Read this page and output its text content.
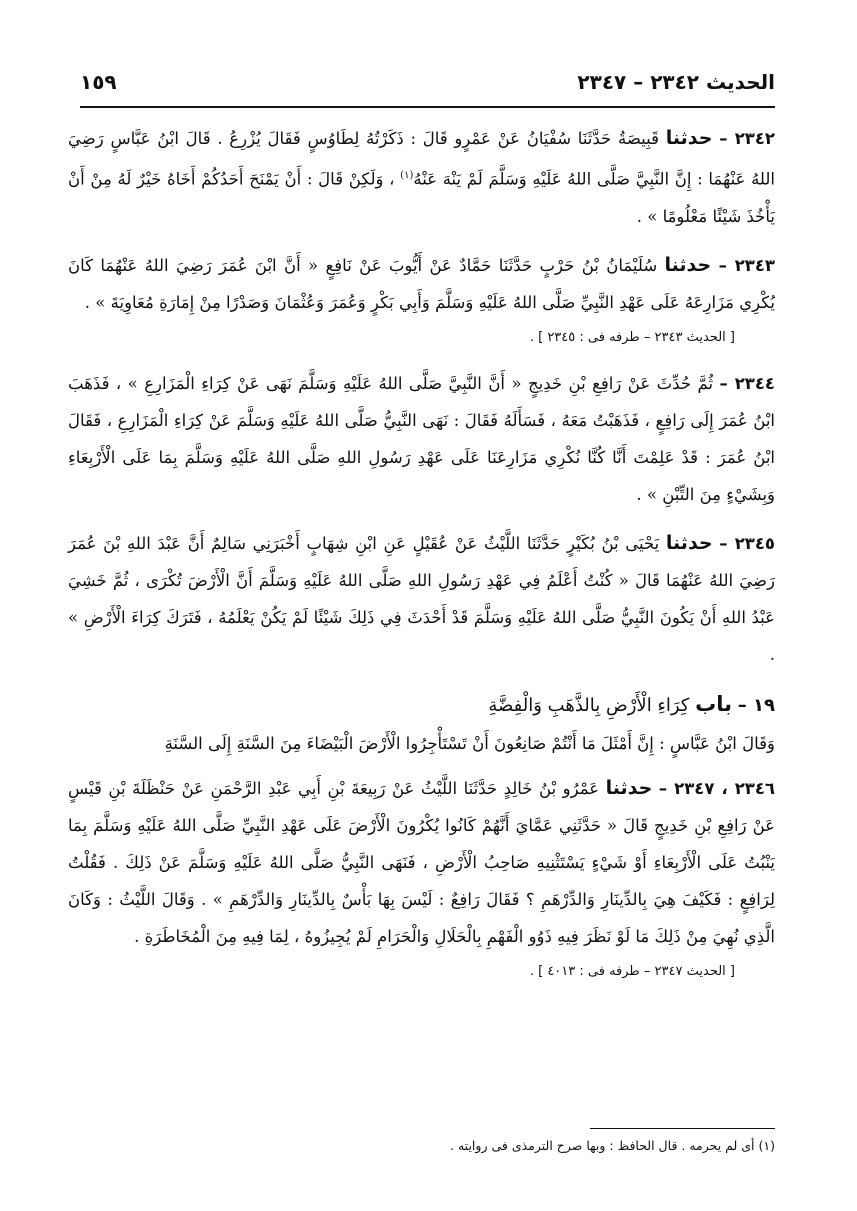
الحديث ٢٣٤٢ – ٢٣٤٧
١٥٩

٢٣٤٢ – حدثنا قَبِيصَةُ حَدَّثَنَا سُفْيَانُ عَنْ عَمْرٍو قَالَ : ذَكَرْتُهُ لِطَاوُسٍ فَقَالَ يُزْرِعُ . قَالَ ابْنُ عَبَّاسٍ رَضِيَ اللهُ عَنْهُمَا : إِنَّ النَّبِيَّ صَلَّى اللهُ عَلَيْهِ وَسَلَّمَ لَمْ يَنْهَ عَنْهُ$^{(١)}$ ، وَلَكِنْ قَالَ : أَنْ يَمْنَحَ أَحَدُكُمْ أَخَاهُ خَيْرٌ لَهُ مِنْ أَنْ يَأْخُذَ شَيْئًا مَعْلُومًا » .

٢٣٤٣ – حدثنا سُلَيْمَانُ بْنُ حَرْبٍ حَدَّثَنَا حَمَّادٌ عَنْ أَيُّوبَ عَنْ نَافِعٍ « أَنَّ ابْنَ عُمَرَ رَضِيَ اللهُ عَنْهُمَا كَانَ يُكْرِي مَزَارِعَهُ عَلَى عَهْدِ النَّبِيِّ صَلَّى اللهُ عَلَيْهِ وَسَلَّمَ وَأَبِي بَكْرٍ وَعُمَرَ وَعُثْمَانَ وَصَدْرًا مِنْ إِمَارَةِ مُعَاوِيَةَ » .

[ الحديث ٢٣٤٣ – طرفه فى : ٢٣٤٥ ] .

٢٣٤٤ – ثُمَّ حُدِّثَ عَنْ رَافِعِ بْنِ خَدِيجٍ « أَنَّ النَّبِيَّ صَلَّى اللهُ عَلَيْهِ وَسَلَّمَ نَهَى عَنْ كِرَاءِ الْمَزَارِعِ » ، فَذَهَبَ ابْنُ عُمَرَ إِلَى رَافِعٍ ، فَذَهَبْتُ مَعَهُ ، فَسَأَلَهُ فَقَالَ : نَهَى النَّبِيُّ صَلَّى اللهُ عَلَيْهِ وَسَلَّمَ عَنْ كِرَاءِ الْمَزَارِعِ ، فَقَالَ ابْنُ عُمَرَ : قَدْ عَلِمْتَ أَنَّا كُنَّا نُكْرِي مَزَارِعَنَا عَلَى عَهْدِ رَسُولِ اللهِ صَلَّى اللهُ عَلَيْهِ وَسَلَّمَ بِمَا عَلَى الْأَرْبِعَاءِ وَبِشَيْءٍ مِنَ التِّبْنِ » .

٢٣٤٥ – حدثنا يَحْيَى بْنُ بُكَيْرٍ حَدَّثَنَا اللَّيْثُ عَنْ عُقَيْلٍ عَنِ ابْنِ شِهَابٍ أَخْبَرَنِي سَالِمٌ أَنَّ عَبْدَ اللهِ بْنَ عُمَرَ رَضِيَ اللهُ عَنْهُمَا قَالَ « كُنْتُ أَعْلَمُ فِي عَهْدِ رَسُولِ اللهِ صَلَّى اللهُ عَلَيْهِ وَسَلَّمَ أَنَّ الْأَرْضَ تُكْرَى ، ثُمَّ خَشِيَ عَبْدُ اللهِ أَنْ يَكُونَ النَّبِيُّ صَلَّى اللهُ عَلَيْهِ وَسَلَّمَ قَدْ أَحْدَثَ فِي ذَلِكَ شَيْئًا لَمْ يَكُنْ يَعْلَمُهُ ، فَتَرَكَ كِرَاءَ الْأَرْضِ » .

١٩ – باب كِرَاءِ الْأَرْضِ بِالذَّهَبِ وَالْفِضَّةِ

وَقَالَ ابْنُ عَبَّاسٍ : إِنَّ أَمْثَلَ مَا أَنْتُمْ صَانِعُونَ أَنْ تَسْتَأْجِرُوا الْأَرْضَ الْبَيْضَاءَ مِنَ السَّنَةِ إِلَى السَّنَةِ

٢٣٤٦ ، ٢٣٤٧ – حدثنا عَمْرُو بْنُ خَالِدٍ حَدَّثَنَا اللَّيْثُ عَنْ رَبِيعَةَ بْنِ أَبِي عَبْدِ الرَّحْمَنِ عَنْ حَنْظَلَةَ بْنِ قَيْسٍ عَنْ رَافِعِ بْنِ خَدِيجٍ قَالَ « حَدَّثَنِي عَمَّايَ أَنَّهُمْ كَانُوا يُكْرُونَ الْأَرْضَ عَلَى عَهْدِ النَّبِيِّ صَلَّى اللهُ عَلَيْهِ وَسَلَّمَ بِمَا يَنْبُتُ عَلَى الْأَرْبِعَاءِ أَوْ شَيْءٍ يَسْتَثْنِيهِ صَاحِبُ الْأَرْضِ ، فَنَهَى النَّبِيُّ صَلَّى اللهُ عَلَيْهِ وَسَلَّمَ عَنْ ذَلِكَ . فَقُلْتُ لِرَافِعٍ : فَكَيْفَ هِيَ بِالدِّينَارِ وَالدِّرْهَمِ ؟ فَقَالَ رَافِعٌ : لَيْسَ بِهَا بَأْسٌ بِالدِّينَارِ وَالدِّرْهَمِ » . وَقَالَ اللَّيْثُ : وَكَانَ الَّذِي نُهِيَ مِنْ ذَلِكَ مَا لَوْ نَظَرَ فِيهِ ذَوُو الْفَهْمِ بِالْحَلَالِ وَالْحَرَامِ لَمْ يُجِيزُوهُ ، لِمَا فِيهِ مِنَ الْمُخَاطَرَةِ .

[ الحديث ٢٣٤٧ – طرفه فى : ٤٠١٣ ] .
(١) أى لم يحرمه . قال الحافظ : وبها صرح الترمذى فى روايته .
